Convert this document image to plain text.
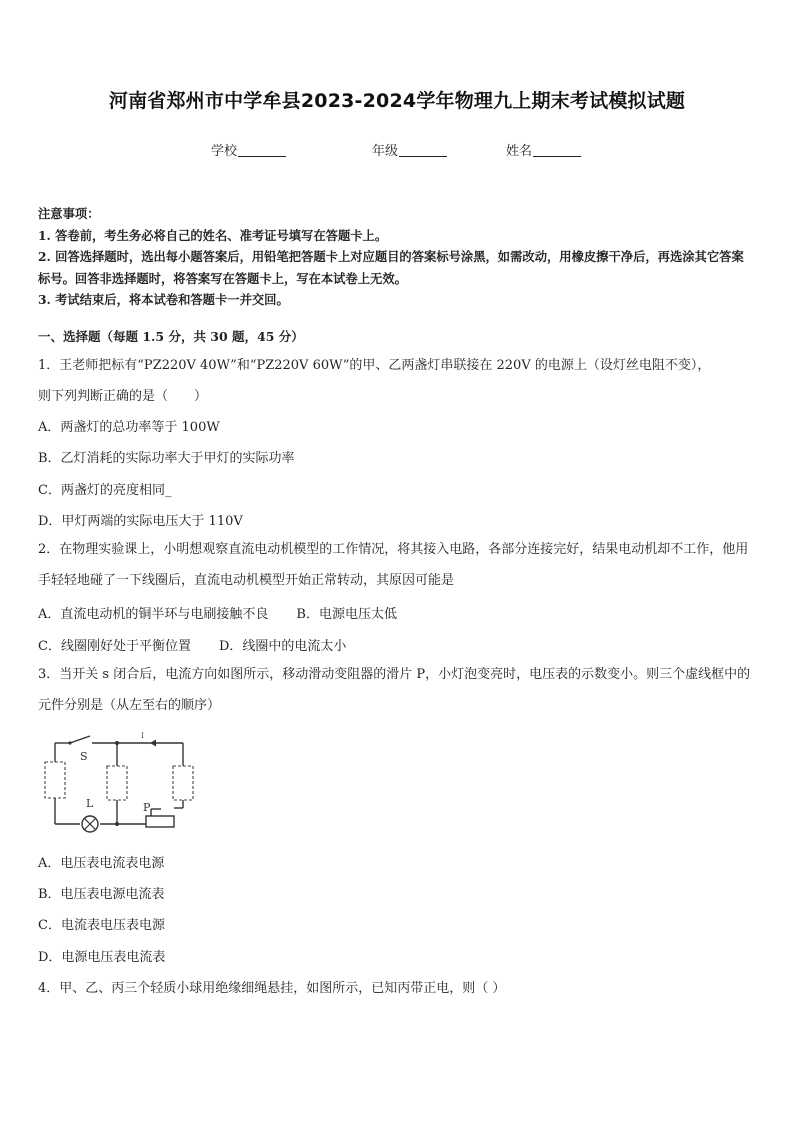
河南省郑州市中学牟县2023-2024学年物理九上期末考试模拟试题
学校	年级	姓名
注意事项：
1. 答卷前，考生务必将自己的姓名、准考证号填写在答题卡上。
2. 回答选择题时，选出每小题答案后，用铅笔把答题卡上对应题目的答案标号涂黑，如需改动，用橡皮擦干净后，再选涂其它答案标号。回答非选择题时，将答案写在答题卡上，写在本试卷上无效。
3. 考试结束后，将本试卷和答题卡一并交回。
一、选择题（每题 1.5 分，共 30 题，45 分）
1．王老师把标有“PZ220V 40W”和“PZ220V 60W”的甲、乙两盏灯串联接在 220V 的电源上（设灯丝电阻不变），
则下列判断正确的是（　　）
A．两盏灯的总功率等于 100W
B．乙灯消耗的实际功率大于甲灯的实际功率
C．两盏灯的亮度相同_
D．甲灯两端的实际电压大于 110V
2．在物理实验课上，小明想观察直流电动机模型的工作情况，将其接入电路，各部分连接完好，结果电动机却不工作，他用手轻轻地碰了一下线圈后，直流电动机模型开始正常转动，其原因可能是
A．直流电动机的铜半环与电刷接触不良 B．电源电压太低
C．线圈刚好处于平衡位置 D．线圈中的电流太小
3．当开关 s 闭合后，电流方向如图所示，移动滑动变阻器的滑片 P，小灯泡变亮时，电压表的示数变小。则三个虚线框中的元件分别是（从左至右的顺序）
S
L	P
I
A．电压表电流表电源
B．电压表电源电流表
C．电流表电压表电源
D．电源电压表电流表
4．甲、乙、丙三个轻质小球用绝缘细绳悬挂，如图所示，已知丙带正电，则（ ）
